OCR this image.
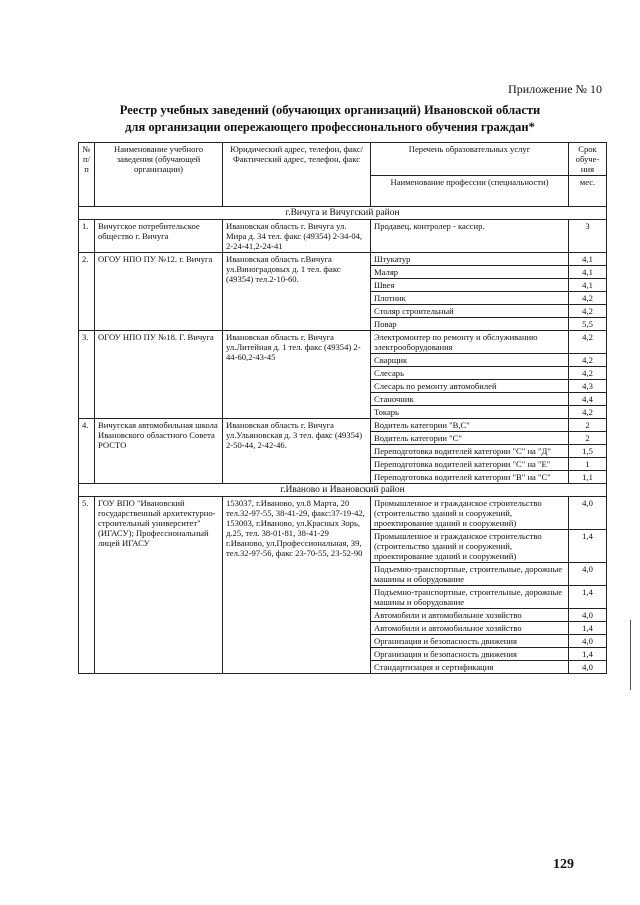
Приложение № 10
Реестр учебных заведений (обучающих организаций) Ивановской области
для организации опережающего профессионального обучения граждан*
№ п/ п	Наименование учебного заведения (обучающей организации)	Юридический адрес, телефон, факс/ Фактический адрес, телефон, факс	Перечень образовательных услуг	Срок обуче-ния
			Наименование профессии (специальности)	мес.
г.Вичуга и Вичугский район				
1.	Вичугское потребительское общество г. Вичуга	Ивановская область г. Вичуга ул. Мира д. 34 тел. факс (49354) 2-34-04, 2-24-41,2-24-41	Продавец, контролер - кассир.	3
2.	ОГОУ НПО ПУ №12. г. Вичуга	Ивановская область г.Вичуга ул.Виноградовых д. 1 тел. факс (49354) тел.2-10-60.	Штукатур	4,1
			Маляр	4,1
			Швея	4,1
			Плотник	4,2
			Столяр строительный	4,2
			Повар	5,5
3.	ОГОУ НПО ПУ №18. Г. Вичуга	Ивановская область г. Вичуга ул.Литейная д. 1 тел. факс (49354) 2-44-60,2-43-45	Электромонтер по ремонту и обслуживанию электрооборудования	4,2
			Сварщик	4,2
			Слесарь	4,2
			Слесарь по ремонту автомобилей	4,3
			Станочник	4,4
			Токарь	4,2
4.	Вичугская автомобильная школа Ивановского областного Совета РОСТО	Ивановская область г. Вичуга ул.Ульяновская д. 3 тел. факс (49354) 2-50-44, 2-42-46.	Водитель категории "В,С"	2
			Водитель категории "С"	2
			Переподготовка водителей категории "С" на "Д"	1,5
			Переподготовка водителей категории "С" на "Е"	1
			Переподготовка водителей категории "В" на "С"	1,1
г.Иваново и Ивановский район				
5.	ГОУ ВПО "Ивановский государственный архитектурно-строительный университет" (ИГАСУ); Профессиональный лицей ИГАСУ	153037, г.Иваново, ул.8 Марта, 20 тел.32-97-55, 38-41-29, факс:37-19-42, 153003, г.Иваново, ул.Красных Зорь, д.25, тел. 38-01-81, 38-41-29 г.Иваново, ул.Профессиональная, 39, тел.32-97-56, факс 23-70-55, 23-52-90	Промышленное и гражданское строительство (строительство зданий и сооружений, проектирование зданий и сооружений)	4,0
			Промышленное и гражданское строительство (строительство зданий и сооружений, проектирование зданий и сооружений)	1,4
			Подъемно-транспортные, строительные, дорожные машины и оборудование	4,0
			Подъемно-транспортные, строительные, дорожные машины и оборудование	1,4
			Автомобили и автомобильное хозяйство	4,0
			Автомобили и автомобильное хозяйство	1,4
			Организация и безопасность движения	4,0
			Организация и безопасность движения	1,4
			Стандартизация и сертификация	4,0
129
